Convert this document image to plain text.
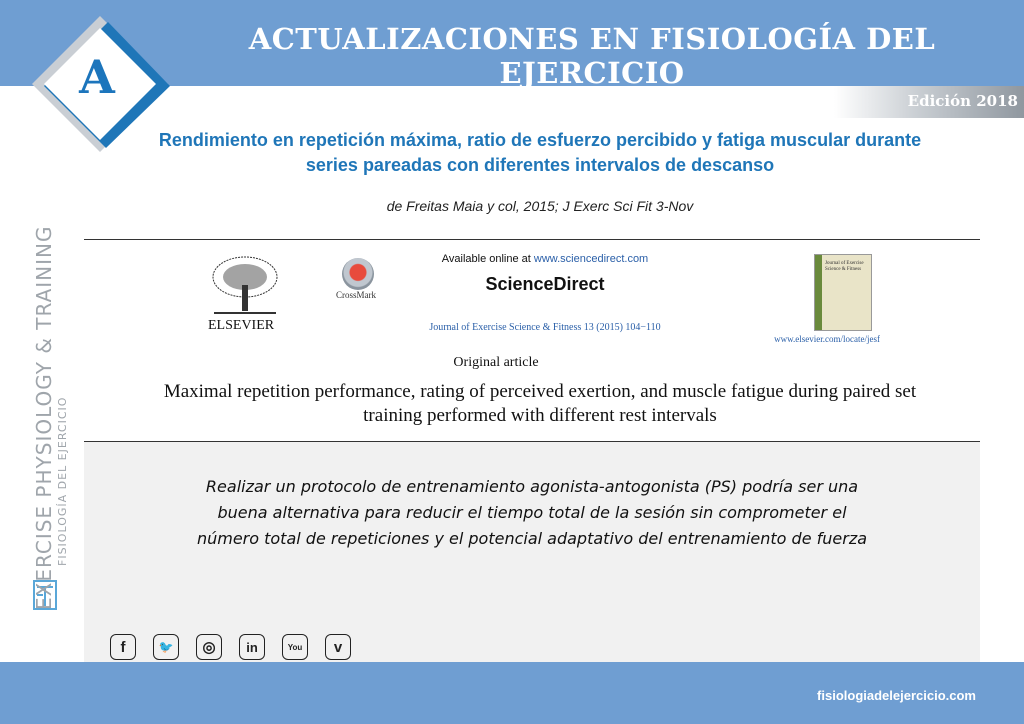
ACTUALIZACIONES EN FISIOLOGÍA DEL EJERCICIO
A	Edición 2018
Rendimiento en repetición máxima, ratio de esfuerzo percibido y fatiga muscular durante series pareadas con diferentes intervalos de descanso
de Freitas Maia y col, 2015; J Exerc Sci Fit 3-Nov
ELSEVIER
CrossMark
Available online at www.sciencedirect.com
ScienceDirect
Journal of Exercise Science & Fitness 13 (2015) 104−110
Journal of Exercise Science & Fitness
www.elsevier.com/locate/jesf
Original article
Maximal repetition performance, rating of perceived exertion, and muscle fatigue during paired set training performed with different rest intervals
Realizar un protocolo de entrenamiento agonista-antogonista (PS) podría ser una buena alternativa para reducir el tiempo total de la sesión sin comprometer el número total de repeticiones y el potencial adaptativo del entrenamiento de fuerza
f	🐦	◎	in	You	v
EXERCISE PHYSIOLOGY & TRAINING FISIOLOGÍA DEL EJERCICIO
fisiologiadelejercicio.com
